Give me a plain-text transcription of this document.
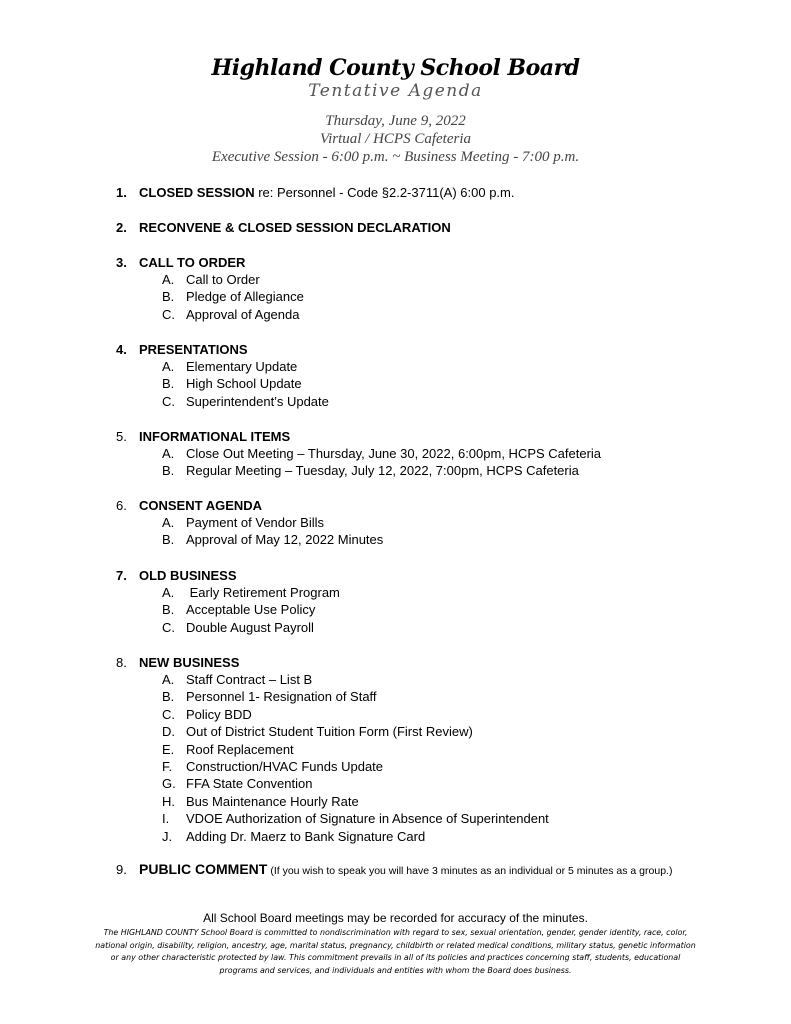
Highland County School Board
Tentative Agenda
Thursday, June 9, 2022
Virtual / HCPS Cafeteria
Executive Session - 6:00 p.m. ~ Business Meeting - 7:00 p.m.
1. CLOSED SESSION re: Personnel - Code §2.2-3711(A) 6:00 p.m.
2. RECONVENE & CLOSED SESSION DECLARATION
3. CALL TO ORDER
A. Call to Order
B. Pledge of Allegiance
C. Approval of Agenda
4. PRESENTATIONS
A. Elementary Update
B. High School Update
C. Superintendent’s Update
5. INFORMATIONAL ITEMS
A. Close Out Meeting – Thursday, June 30, 2022, 6:00pm, HCPS Cafeteria
B. Regular Meeting – Tuesday, July 12, 2022, 7:00pm, HCPS Cafeteria
6. CONSENT AGENDA
A. Payment of Vendor Bills
B. Approval of May 12, 2022 Minutes
7. OLD BUSINESS
A. Early Retirement Program
B. Acceptable Use Policy
C. Double August Payroll
8. NEW BUSINESS
A. Staff Contract – List B
B. Personnel 1- Resignation of Staff
C. Policy BDD
D. Out of District Student Tuition Form (First Review)
E. Roof Replacement
F.	Construction/HVAC Funds Update
G. FFA State Convention
H. Bus Maintenance Hourly Rate
I.	VDOE Authorization of Signature in Absence of Superintendent
J.	Adding Dr. Maerz to Bank Signature Card
9. PUBLIC COMMENT (If you wish to speak you will have 3 minutes as an individual or 5 minutes as a group.)
All School Board meetings may be recorded for accuracy of the minutes.
The HIGHLAND COUNTY School Board is committed to nondiscrimination with regard to sex, sexual orientation, gender, gender identity, race, color, national origin, disability, religion, ancestry, age, marital status, pregnancy, childbirth or related medical conditions, military status, genetic information or any other characteristic protected by law. This commitment prevails in all of its policies and practices concerning staff, students, educational programs and services, and individuals and entities with whom the Board does business.
